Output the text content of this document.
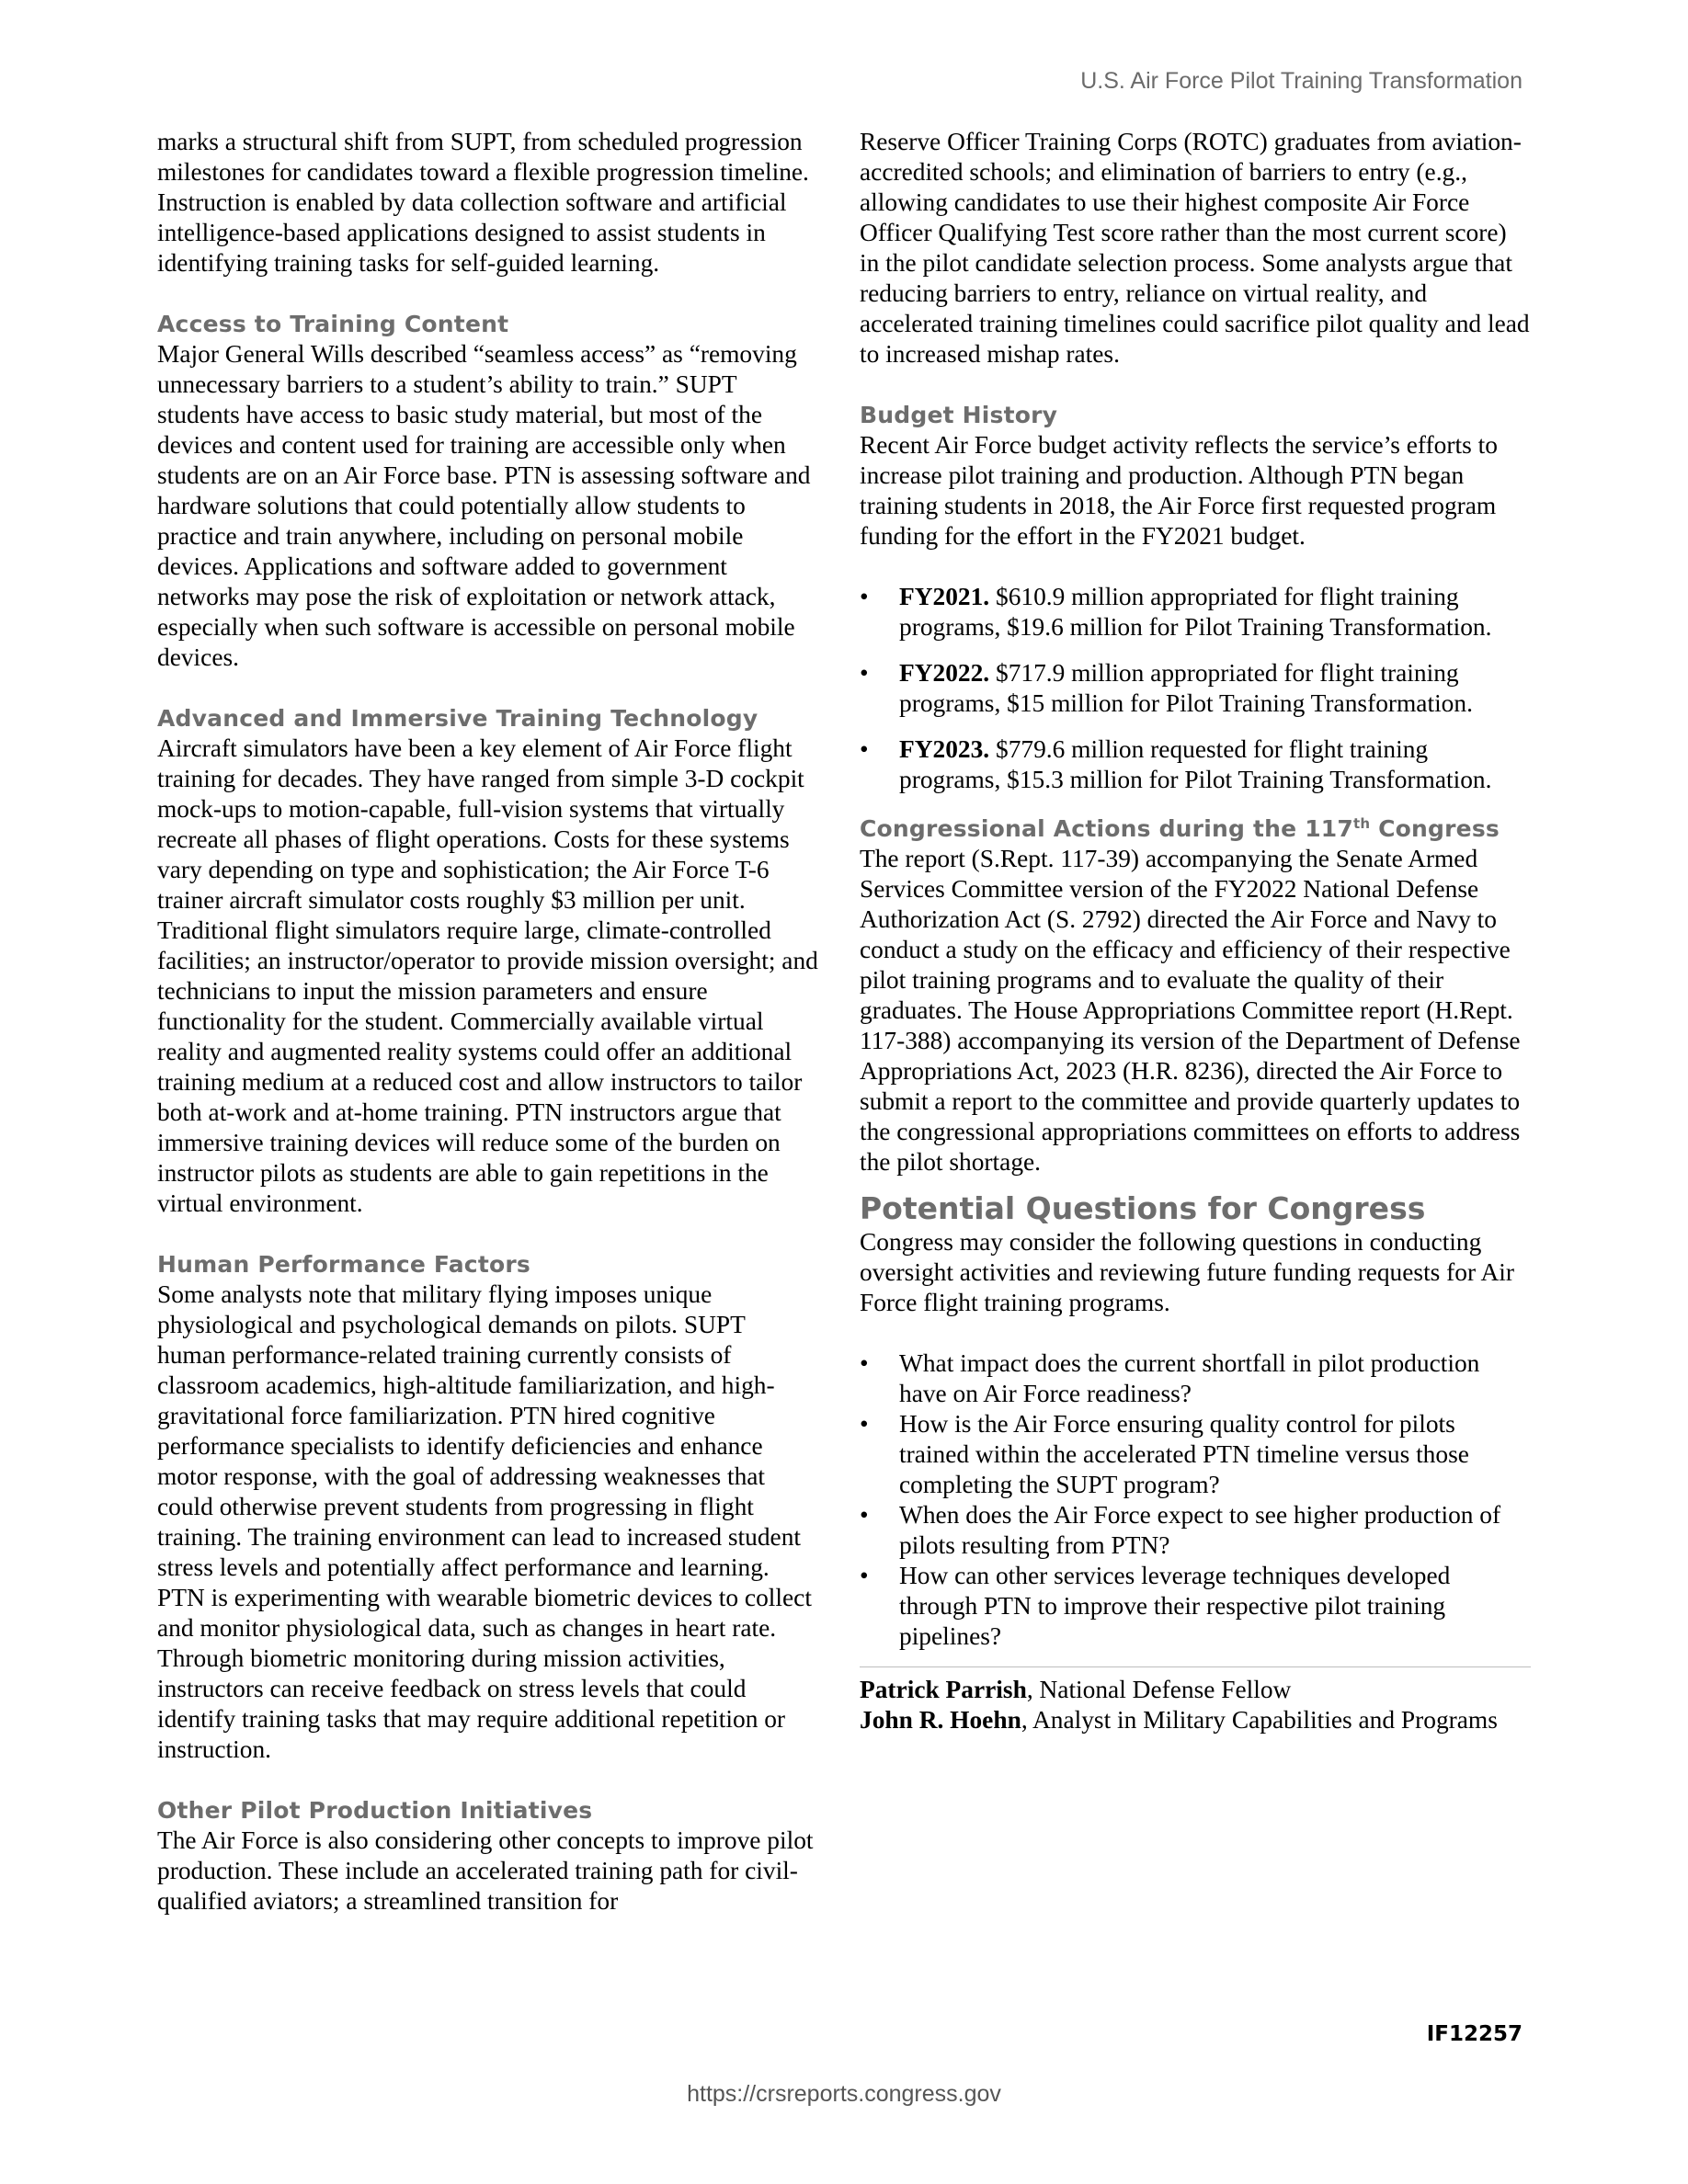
U.S. Air Force Pilot Training Transformation

marks a structural shift from SUPT, from scheduled progression milestones for candidates toward a flexible progression timeline. Instruction is enabled by data collection software and artificial intelligence-based applications designed to assist students in identifying training tasks for self-guided learning.

Access to Training Content

Major General Wills described “seamless access” as “removing unnecessary barriers to a student’s ability to train.” SUPT students have access to basic study material, but most of the devices and content used for training are accessible only when students are on an Air Force base. PTN is assessing software and hardware solutions that could potentially allow students to practice and train anywhere, including on personal mobile devices. Applications and software added to government networks may pose the risk of exploitation or network attack, especially when such software is accessible on personal mobile devices.

Advanced and Immersive Training Technology

Aircraft simulators have been a key element of Air Force flight training for decades. They have ranged from simple 3-D cockpit mock-ups to motion-capable, full-vision systems that virtually recreate all phases of flight operations. Costs for these systems vary depending on type and sophistication; the Air Force T-6 trainer aircraft simulator costs roughly $3 million per unit. Traditional flight simulators require large, climate-controlled facilities; an instructor/operator to provide mission oversight; and technicians to input the mission parameters and ensure functionality for the student. Commercially available virtual reality and augmented reality systems could offer an additional training medium at a reduced cost and allow instructors to tailor both at-work and at-home training. PTN instructors argue that immersive training devices will reduce some of the burden on instructor pilots as students are able to gain repetitions in the virtual environment.

Human Performance Factors

Some analysts note that military flying imposes unique physiological and psychological demands on pilots. SUPT human performance-related training currently consists of classroom academics, high-altitude familiarization, and high-gravitational force familiarization. PTN hired cognitive performance specialists to identify deficiencies and enhance motor response, with the goal of addressing weaknesses that could otherwise prevent students from progressing in flight training. The training environment can lead to increased student stress levels and potentially affect performance and learning. PTN is experimenting with wearable biometric devices to collect and monitor physiological data, such as changes in heart rate. Through biometric monitoring during mission activities, instructors can receive feedback on stress levels that could identify training tasks that may require additional repetition or instruction.

Other Pilot Production Initiatives

The Air Force is also considering other concepts to improve pilot production. These include an accelerated training path for civil-qualified aviators; a streamlined transition for

Reserve Officer Training Corps (ROTC) graduates from aviation-accredited schools; and elimination of barriers to entry (e.g., allowing candidates to use their highest composite Air Force Officer Qualifying Test score rather than the most current score) in the pilot candidate selection process. Some analysts argue that reducing barriers to entry, reliance on virtual reality, and accelerated training timelines could sacrifice pilot quality and lead to increased mishap rates.

Budget History

Recent Air Force budget activity reflects the service’s efforts to increase pilot training and production. Although PTN began training students in 2018, the Air Force first requested program funding for the effort in the FY2021 budget.

• FY2021. $610.9 million appropriated for flight training programs, $19.6 million for Pilot Training Transformation.
• FY2022. $717.9 million appropriated for flight training programs, $15 million for Pilot Training Transformation.
• FY2023. $779.6 million requested for flight training programs, $15.3 million for Pilot Training Transformation.
Congressional Actions during the 117th Congress

The report (S.Rept. 117-39) accompanying the Senate Armed Services Committee version of the FY2022 National Defense Authorization Act (S. 2792) directed the Air Force and Navy to conduct a study on the efficacy and efficiency of their respective pilot training programs and to evaluate the quality of their graduates. The House Appropriations Committee report (H.Rept. 117-388) accompanying its version of the Department of Defense Appropriations Act, 2023 (H.R. 8236), directed the Air Force to submit a report to the committee and provide quarterly updates to the congressional appropriations committees on efforts to address the pilot shortage.

Potential Questions for Congress

Congress may consider the following questions in conducting oversight activities and reviewing future funding requests for Air Force flight training programs.

• What impact does the current shortfall in pilot production have on Air Force readiness?
• How is the Air Force ensuring quality control for pilots trained within the accelerated PTN timeline versus those completing the SUPT program?
• When does the Air Force expect to see higher production of pilots resulting from PTN?
• How can other services leverage techniques developed through PTN to improve their respective pilot training pipelines?

Patrick Parrish, National Defense Fellow

John R. Hoehn, Analyst in Military Capabilities and Programs

IF12257
https://crsreports.congress.gov
